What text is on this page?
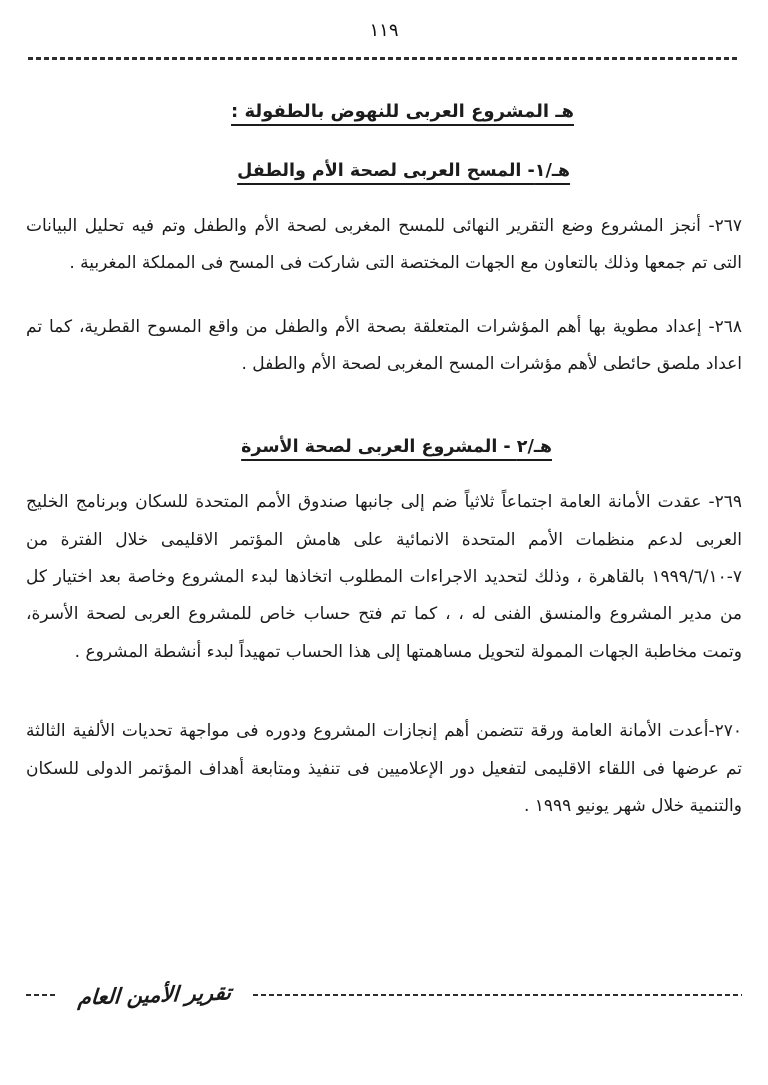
١١٩
هـ المشروع العربى للنهوض بالطفولة :
هـ/١- المسح العربى لصحة الأم والطفل

٢٦٧- أنجز المشروع وضع التقرير النهائى للمسح المغربى لصحة الأم والطفل وتم فيه تحليل البيانات التى تم جمعها وذلك بالتعاون مع الجهات المختصة التى شاركت فى المسح فى المملكة المغربية .

٢٦٨- إعداد مطوية بها أهم المؤشرات المتعلقة بصحة الأم والطفل من واقع المسوح القطرية، كما تم اعداد ملصق حائطى لأهم مؤشرات المسح المغربى لصحة الأم والطفل .

هـ/٢ - المشروع العربى لصحة الأسرة

٢٦٩- عقدت الأمانة العامة اجتماعاً ثلاثياً ضم إلى جانبها صندوق الأمم المتحدة للسكان وبرنامج الخليج العربى لدعم منظمات الأمم المتحدة الانمائية على هامش المؤتمر الاقليمى خلال الفترة من ٧-١٩٩٩/٦/١٠ بالقاهرة ، وذلك لتحديد الاجراءات المطلوب اتخاذها لبدء المشروع وخاصة بعد اختيار كل من مدير المشروع والمنسق الفنى له ، ، كما تم فتح حساب خاص للمشروع العربى لصحة الأسرة، وتمت مخاطبة الجهات الممولة لتحويل مساهمتها إلى هذا الحساب تمهيداً لبدء أنشطة المشروع .

٢٧٠-أعدت الأمانة العامة ورقة تتضمن أهم إنجازات المشروع ودوره فى مواجهة تحديات الألفية الثالثة تم عرضها فى اللقاء الاقليمى لتفعيل دور الإعلاميين فى تنفيذ ومتابعة أهداف المؤتمر الدولى للسكان والتنمية خلال شهر يونيو ١٩٩٩ .

تقرير الأمين العام
